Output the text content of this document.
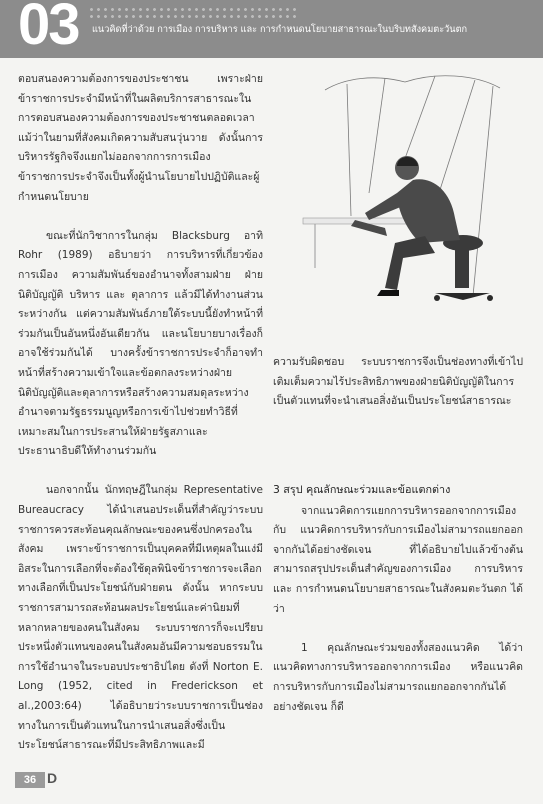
03 แนวคิดที่ว่าด้วย การเมือง การบริหาร และ การกำหนดนโยบายสาธารณะในบริบทสังคมตะวันตก

ตอบสนองความต้องการของประชาชน เพราะฝ่ายข้าราชการประจำมีหน้าที่ในผลิตบริการสาธารณะในการตอบสนองความต้องการของประชาชนตลอดเวลา แม้ว่าในยามที่สังคมเกิดความสับสนวุ่นวาย ดังนั้นการบริหารรัฐกิจจึงแยกไม่ออกจากการการเมือง ข้าราชการประจำจึงเป็นทั้งผู้นำนโยบายไปปฏิบัติและผู้กำหนดนโยบาย

ขณะที่นักวิชาการในกลุ่ม Blacksburg อาทิ Rohr (1989) อธิบายว่า การบริหารที่เกี่ยวข้องการเมือง ความสัมพันธ์ของอำนาจทั้งสามฝ่าย ฝ่ายนิติบัญญัติ บริหาร และ ตุลาการ แล้วมีได้ทำงานส่วนระหว่างกัน แต่ความสัมพันธ์ภายใต้ระบบนี้ยังทำหน้าที่ร่วมกันเป็นอันหนึ่งอันเดียวกัน และนโยบายบางเรื่องก็อาจใช้ร่วมกันได้ บางครั้งข้าราชการประจำก็อาจทำหน้าที่สร้างความเข้าใจและข้อตกลงระหว่างฝ่ายนิติบัญญัติและตุลาการหรือสร้างความสมดุลระหว่างอำนาจตามรัฐธรรมนูญหรือการเข้าไปช่วยทำวิธีที่เหมาะสมในการประสานให้ฝ่ายรัฐสภาและประธานาธิบดีให้ทำงานร่วมกัน

นอกจากนั้น นักทฤษฎีในกลุ่ม Representative Bureaucracy ได้นำเสนอประเด็นที่สำคัญว่าระบบราชการควรสะท้อนคุณลักษณะของคนซึ่งปกครองในสังคม เพราะข้าราชการเป็นบุคคลที่มีเหตุผลในแง่มีอิสระในการเลือกที่จะต้องใช้ดุลพินิจข้าราชการจะเลือกทางเลือกที่เป็นประโยชน์กับฝ่ายตน ดังนั้น หากระบบราชการสามารถสะท้อนผลประโยชน์และค่านิยมที่หลากหลายของคนในสังคม ระบบราชการก็จะเปรียบประหนึ่งตัวแทนของคนในสังคมอันมีความชอบธรรมในการใช้อำนาจในระบอบประชาธิปไตย ดังที่ Norton E. Long (1952, cited in Frederickson et al.,2003:64) ได้อธิบายว่าระบบราชการเป็นช่องทางในการเป็นตัวแทนในการนำเสนอสิ่งซึ่งเป็นประโยชน์สาธารณะที่มีประสิทธิภาพและมี

ความรับผิดชอบ ระบบราชการจึงเป็นช่องทางที่เข้าไปเติมเต็มความไร้ประสิทธิภาพของฝ่ายนิติบัญญัติในการเป็นตัวแทนที่จะนำเสนอสิ่งอันเป็นประโยชน์สาธารณะ

3 สรุป คุณลักษณะร่วมและข้อแตกต่าง

จากแนวคิดการแยกการบริหารออกจากการเมือง กับ แนวคิดการบริหารกับการเมืองไม่สามารถแยกออกจากกันได้อย่างชัดเจน ที่ได้อธิบายไปแล้วข้างต้น สามารถสรุปประเด็นสำคัญของการเมือง การบริหาร และ การกำหนดนโยบายสาธารณะในสังคมตะวันตก ได้ว่า

1 คุณลักษณะร่วมของทั้งสองแนวคิด ได้ว่าแนวคิดทางการบริหารออกจากการเมือง หรือแนวคิดการบริหารกับการเมืองไม่สามารถแยกออกจากกันได้อย่างชัดเจน ก็ดี

36 D
